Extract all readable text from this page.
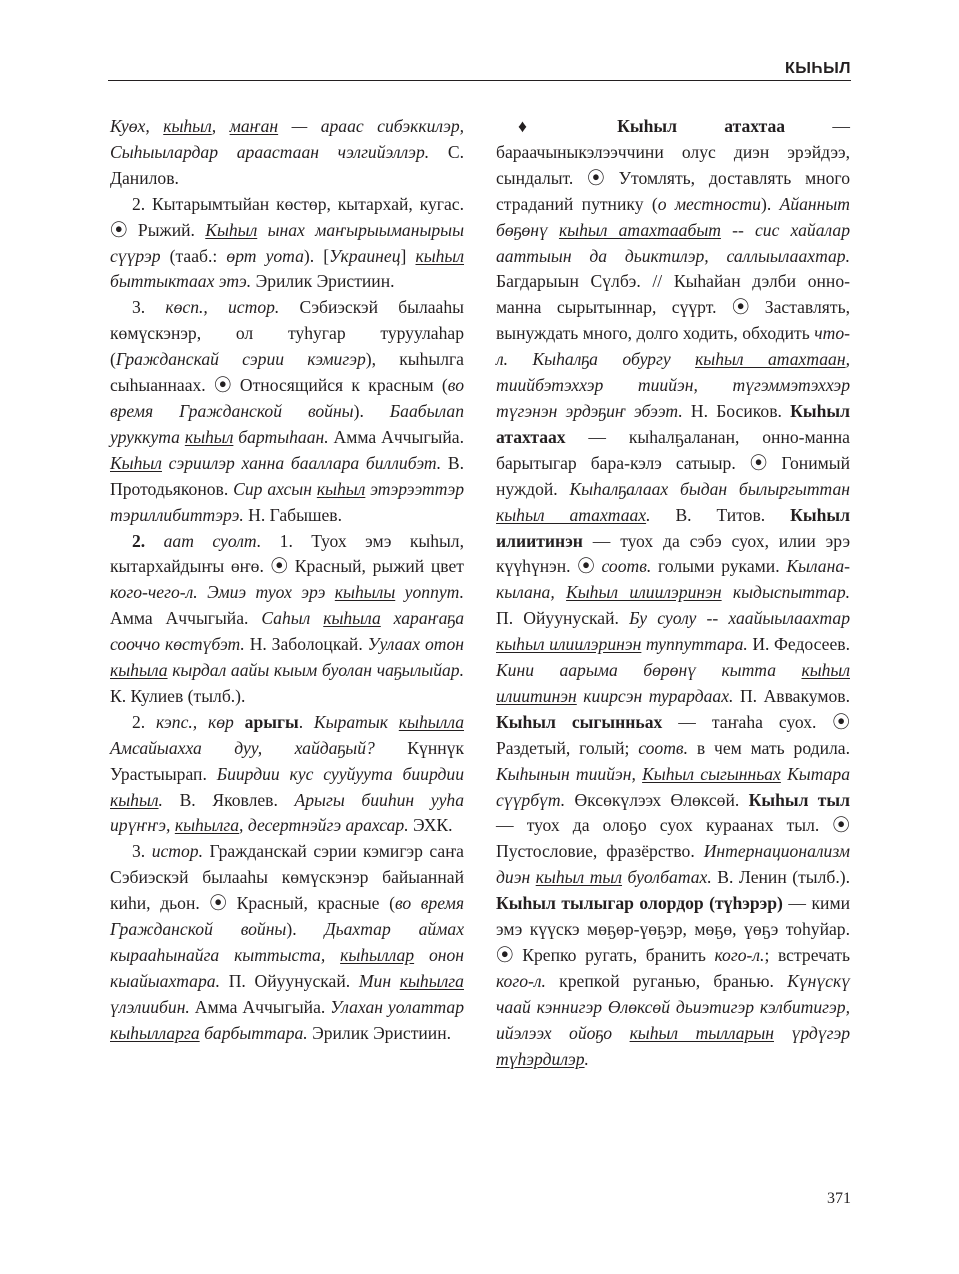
КЫҺЫЛ

Куөх, кыһыл, маҥан — араас сибэккилэр, Сыһыылардар араастаан чэлгийэллэр. С. Данилов.

2. Кытарымтыйан көстөр, кытархай, кугас. ⦿ Рыжий. Кыһыл ынах маҥырыыманырыы сүүрэр (тааб.: өрт уота). [Украинец] кыһыл быттыктаах этэ. Эрилик Эристиин.

3. көсп., истор. Сэбиэскэй былааһы көмүскэнэр, ол туһугар туруулаһар (Гражданскай сэрии кэмигэр), кыһылга сыһыаннаах. ⦿ Относящийся к красным (во время Гражданской войны). Баабылап уруккута кыһыл бартыһаан. Амма Аччыгыйа. Кыһыл сэриилэр ханна баалларa биллибэт. В. Протодьяконов. Сир ахсын кыһыл этэрээттэр тэриллибиттэрэ. Н. Габышев.

2. аат суолт. 1. Туох эмэ кыһыл, кытархайдыҥы өҥө. ⦿ Красный, рыжий цвет кого-чего-л. Эмиэ туох эрэ кыһылы уоппут. Амма Аччыгыйа. Саһыл кыһыла хараҥаҕа сооччо көстүбэт. Н. Заболоцкай. Уулаах отон кыһыла кырдал аайы кыым буолан чаҕылыйар. К. Кулиев (тылб.).

2. кэпс., көр арыгы. Кыратык кыһылла Амсайыахха дуу, хайдаҕый? Күннүк Урастыырап. Биирдии кус сууйуута биирдии кыһыл. В. Яковлев. Арыгы бииһин ууһа ирүҥҥэ, кыһылга, десертнэйгэ арахсар. ЭХК.

3. истор. Гражданскай сэрии кэмигэр саҥа Сэбиэскэй былааһы көмүскэнэр байыаннай киһи, дьон. ⦿ Красный, красные (во время Гражданской войны). Дьахтар аймах кырааһынайга кыттыстa, кыһыллар онон кыайыахтара. П. Ойуунускай. Мин кыһылга үлэлиибин. Амма Аччыгыйа. Улахан уолаттар кыһылларга барбыттара. Эрилик Эристиин.

♦ Кыһыл атахтаа — бараачыныкэлээччини олус диэн эрэйдээ, сындалыт. ⦿ Утомлять, доставлять много страданий путнику (о местности). Айанныт бөҕөнү кыһыл атахтаабыт -- сис хайалар ааттыын да дьиктилэр, саллыылаахтар. Багдарыын Сүлбэ. // Кыһайан дэлби онно-манна сырытыннар, сүүрт. ⦿ Заставлять, вынуждать много, долго ходить, обходить что-л. Кыһалҕа обургу кыһыл атахтаан, тиийбэтэххэр тиийэн, түгэммэтэххэр түгэнэн эрдэҕиҥ эбээт. Н. Босиков. Кыһыл атахтаах — кыһалҕаланан, онно-манна барытыгар бара-кэлэ сатыыр. ⦿ Гонимый нуждой. Кыһалҕалаах быдан былыргыттан кыһыл атахтаах. В. Титов. Кыһыл илиитинэн — туох да сэбэ суох, илии эрэ күүһүнэн. ⦿ соотв. голыми руками. Кылана-кылана, Кыһыл илиилэринэн кыдыспыттар. П. Ойуунускай. Бу суолу -- хаайыылаахтар кыһыл илиилэринэн туппуттара. И. Федосеев. Кини аарыма бөрөнү кытта кыһыл илиитинэн киирсэн турардаах. П. Аввакумов. Кыһыл сыгынньах — таҥаһа суох. ⦿ Раздетый, голый; соотв. в чем мать родила. Кыһынын тиийэн, Кыһыл сыгынньах Кытара сүүрбүт. Өксөкүлээх Өлөксөй. Кыһыл тыл — туох да олоҕо суох кураанах тыл. ⦿ Пустословие, фразёрство. Интернационализм диэн кыһыл тыл буолбатах. В. Ленин (тылб.). Кыһыл тылыгар олордор (түһэрэр) — кими эмэ күүскэ мөҕөр-үөҕэр, мөҕө, үөҕэ тоһуйар. ⦿ Крепко ругать, бранить кого-л.; встречать кого-л. крепкой руганью, бранью. Күнүскү чаай кэннигэр Өлөксөй дьиэтигэр кэлбитигэр, ийэлээх ойоҕо кыһыл тылларын үрдүгэр түһэрдилэр.

371
